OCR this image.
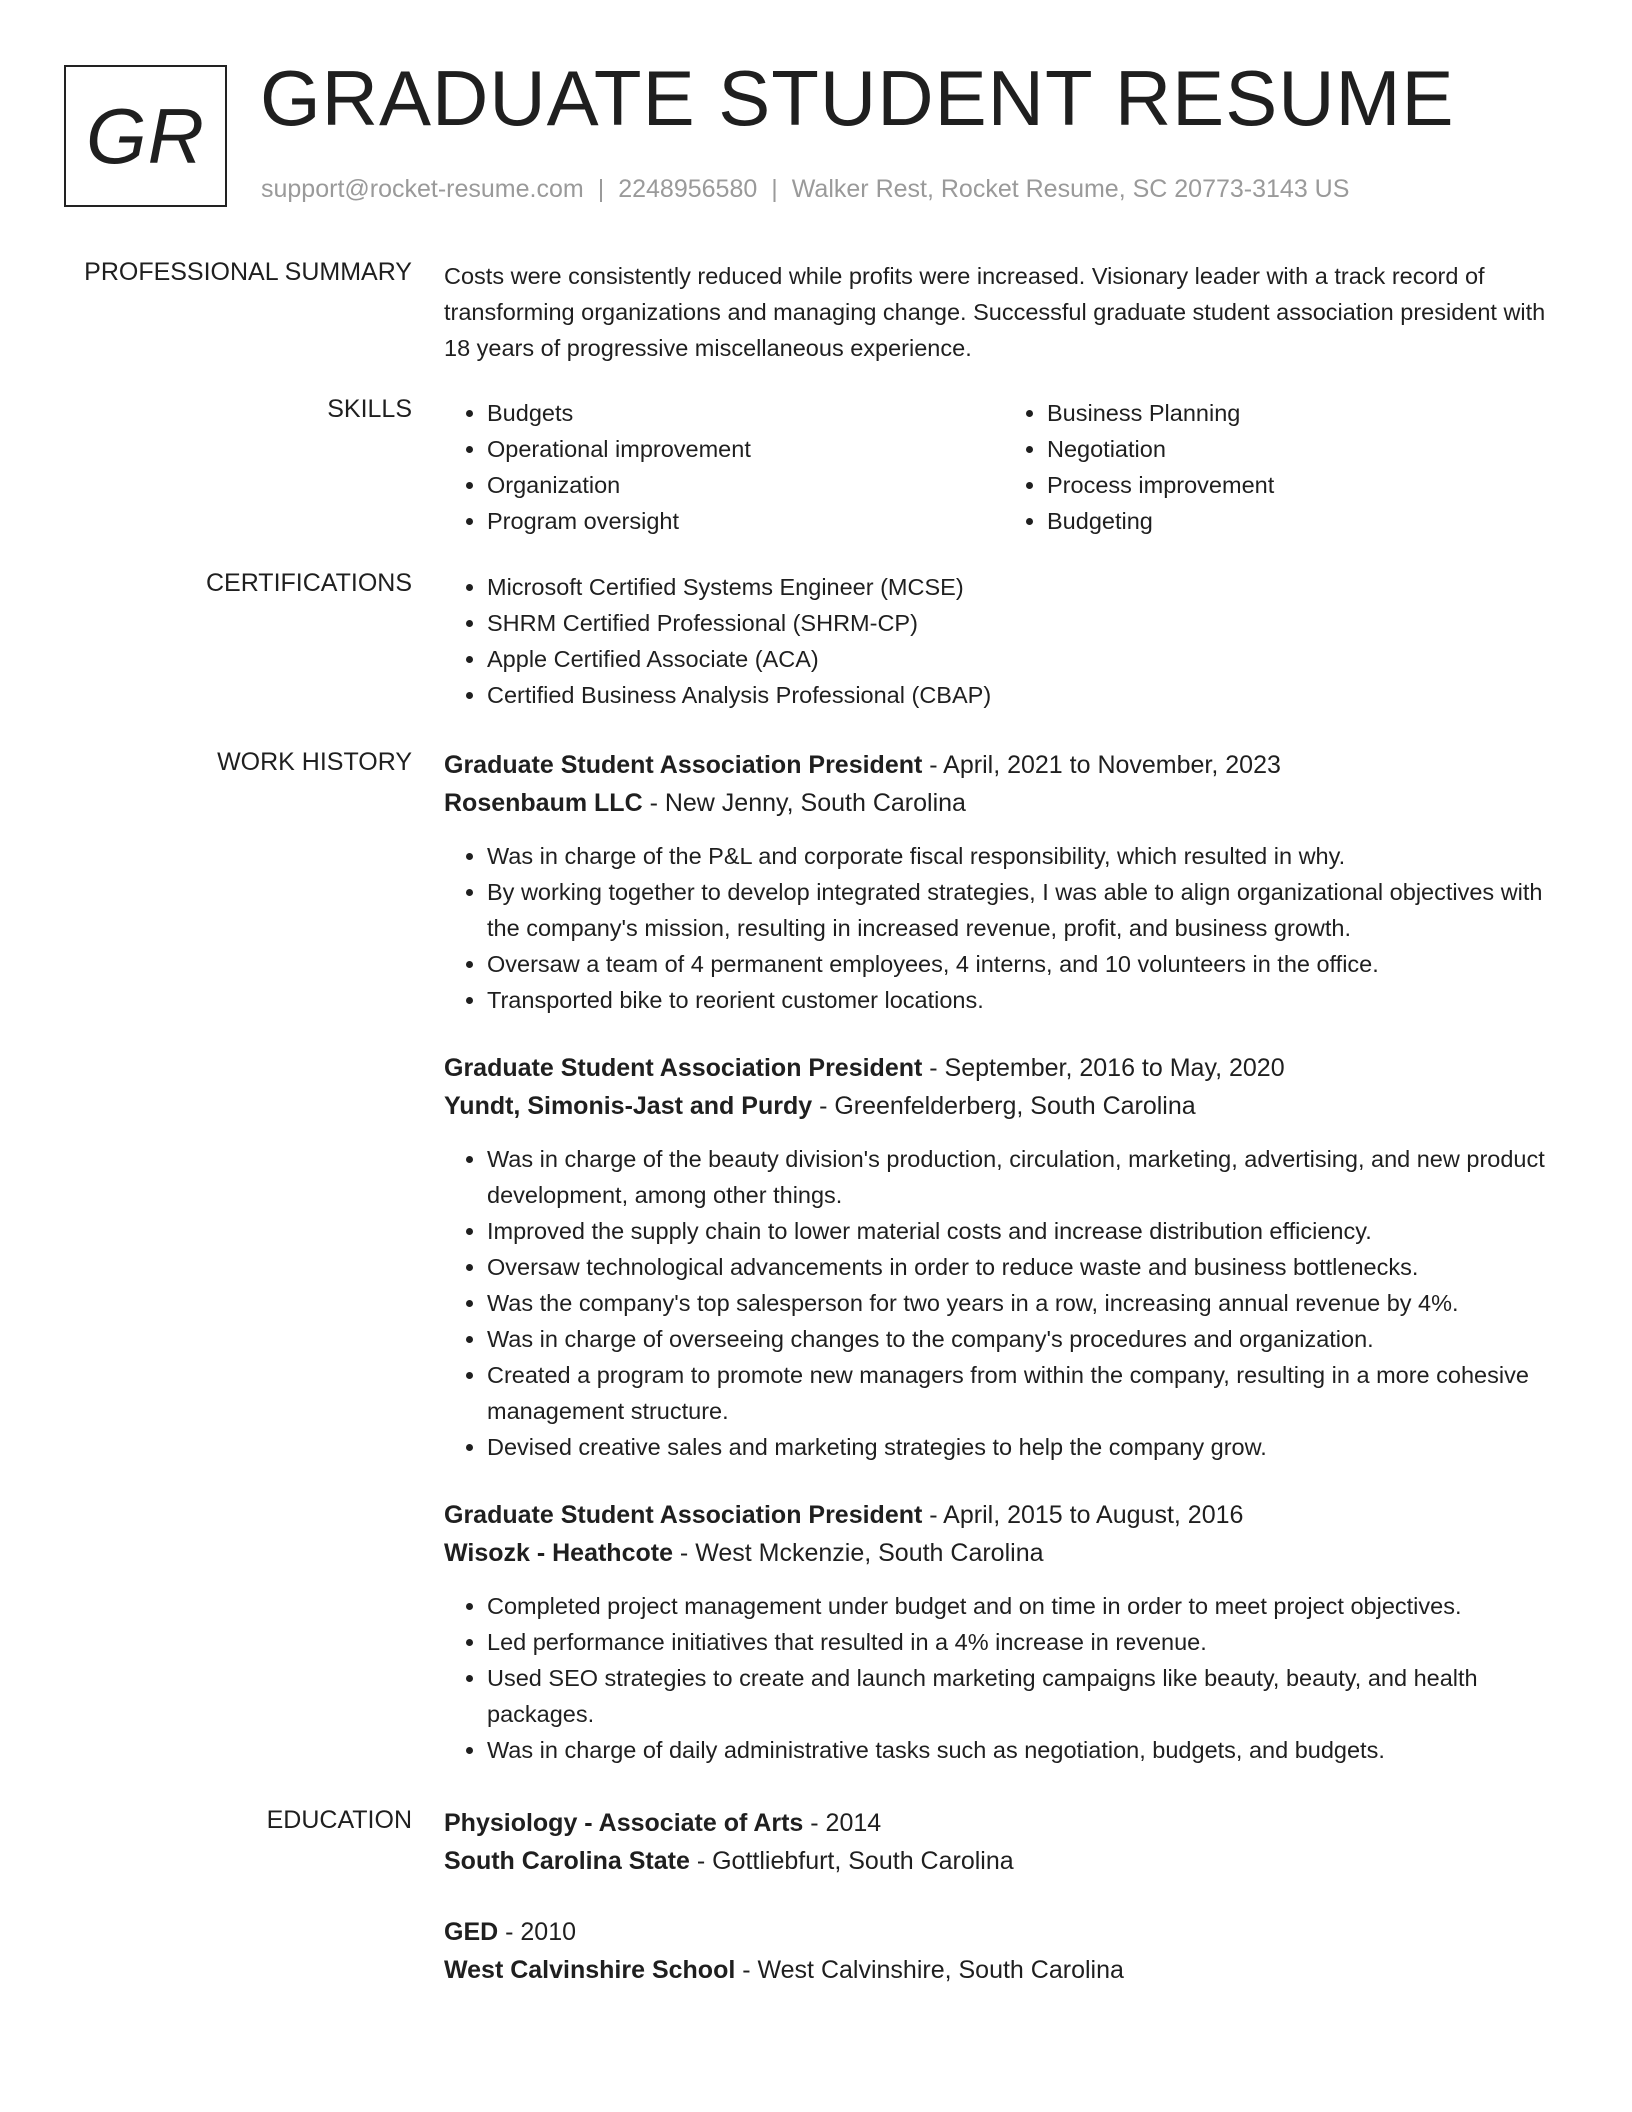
GR GRADUATE STUDENT RESUME
support@rocket-resume.com | 2248956580 | Walker Rest, Rocket Resume, SC 20773-3143 US
PROFESSIONAL SUMMARY Costs were consistently reduced while profits were increased. Visionary leader with a track record of transforming organizations and managing change. Successful graduate student association president with 18 years of progressive miscellaneous experience.

SKILLS	• Budgets
• Operational improvement
• Organization
• Program oversight
• Business Planning
• Negotiation
• Process improvement
• Budgeting
CERTIFICATIONS	• Microsoft Certified Systems Engineer (MCSE)
• SHRM Certified Professional (SHRM-CP)
• Apple Certified Associate (ACA)
• Certified Business Analysis Professional (CBAP)
WORK HISTORY Graduate Student Association President - April, 2021 to November, 2023
Rosenbaum LLC - New Jenny, South Carolina
• Was in charge of the P&L and corporate fiscal responsibility, which resulted in why.
• By working together to develop integrated strategies, I was able to align organizational objectives with the company's mission, resulting in increased revenue, profit, and business growth.
• Oversaw a team of 4 permanent employees, 4 interns, and 10 volunteers in the office.
• Transported bike to reorient customer locations.
Graduate Student Association President - September, 2016 to May, 2020
Yundt, Simonis-Jast and Purdy - Greenfelderberg, South Carolina
• Was in charge of the beauty division's production, circulation, marketing, advertising, and new product development, among other things.
• Improved the supply chain to lower material costs and increase distribution efficiency.
• Oversaw technological advancements in order to reduce waste and business bottlenecks.
• Was the company's top salesperson for two years in a row, increasing annual revenue by 4%.
• Was in charge of overseeing changes to the company's procedures and organization.
• Created a program to promote new managers from within the company, resulting in a more cohesive management structure.
• Devised creative sales and marketing strategies to help the company grow.
Graduate Student Association President - April, 2015 to August, 2016
Wisozk - Heathcote - West Mckenzie, South Carolina
• Completed project management under budget and on time in order to meet project objectives.
• Led performance initiatives that resulted in a 4% increase in revenue.
• Used SEO strategies to create and launch marketing campaigns like beauty, beauty, and health packages.
• Was in charge of daily administrative tasks such as negotiation, budgets, and budgets.
EDUCATION Physiology - Associate of Arts - 2014
South Carolina State - Gottliebfurt, South Carolina
GED - 2010
West Calvinshire School - West Calvinshire, South Carolina
